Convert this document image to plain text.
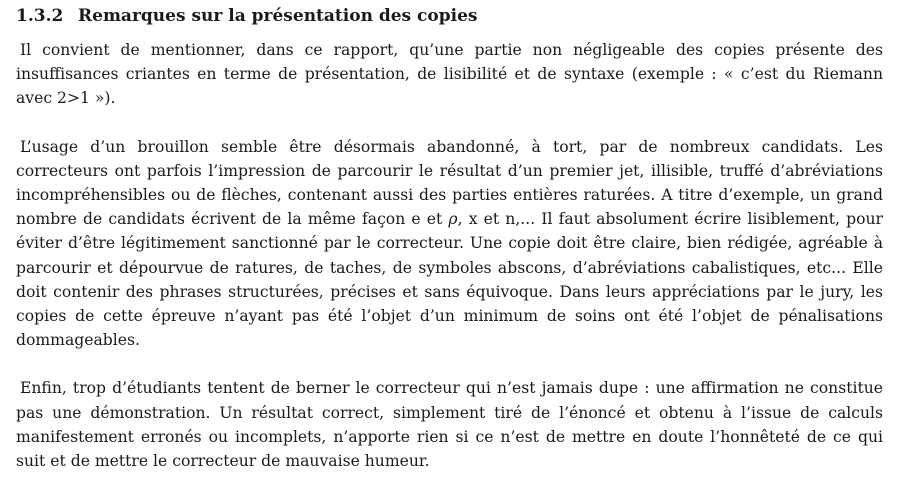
1.3.2 Remarques sur la présentation des copies

Il convient de mentionner, dans ce rapport, qu’une partie non négligeable des copies présente des insuffisances criantes en terme de présentation, de lisibilité et de syntaxe (exemple : « c’est du Riemann avec 2>1 »).

L’usage d’un brouillon semble être désormais abandonné, à tort, par de nombreux candidats. Les correcteurs ont parfois l’impression de parcourir le résultat d’un premier jet, illisible, truffé d’abréviations incompréhensibles ou de flèches, contenant aussi des parties entières raturées. A titre d’exemple, un grand nombre de candidats écrivent de la même façon e et ρ, x et n,... Il faut absolument écrire lisiblement, pour éviter d’être légitimement sanctionné par le correcteur. Une copie doit être claire, bien rédigée, agréable à parcourir et dépourvue de ratures, de taches, de symboles abscons, d’abréviations cabalistiques, etc... Elle doit contenir des phrases structurées, précises et sans équivoque. Dans leurs appréciations par le jury, les copies de cette épreuve n’ayant pas été l’objet d’un minimum de soins ont été l’objet de pénalisations dommageables.

Enfin, trop d’étudiants tentent de berner le correcteur qui n’est jamais dupe : une affirmation ne constitue pas une démonstration. Un résultat correct, simplement tiré de l’énoncé et obtenu à l’issue de calculs manifestement erronés ou incomplets, n’apporte rien si ce n’est de mettre en doute l’honnêteté de ce qui suit et de mettre le correcteur de mauvaise humeur.
